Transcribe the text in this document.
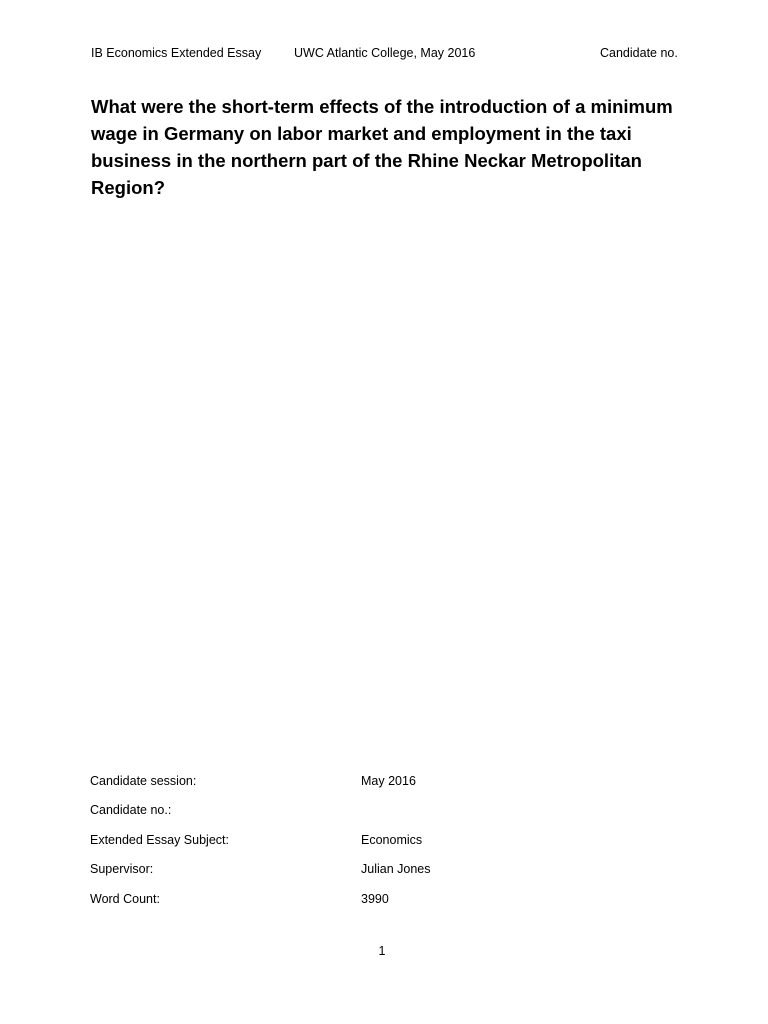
IB Economics Extended Essay	UWC Atlantic College, May 2016	Candidate no.
What were the short-term effects of the introduction of a minimum wage in Germany on labor market and employment in the taxi business in the northern part of the Rhine Neckar Metropolitan Region?
Candidate session:	May 2016
Candidate no.:
Extended Essay Subject:	Economics
Supervisor:	Julian Jones
Word Count:	3990
1
